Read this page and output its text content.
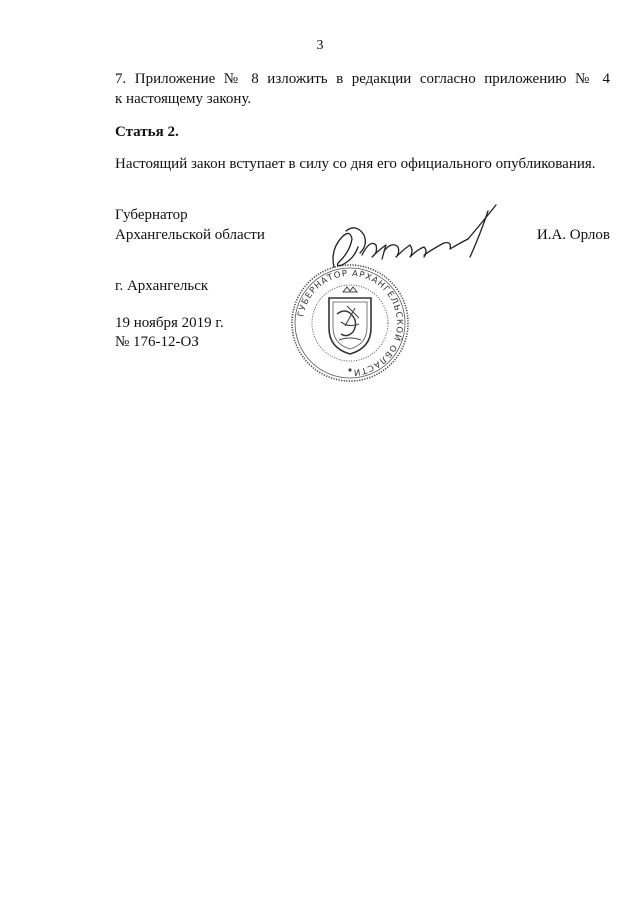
3
7. Приложение № 8 изложить в редакции согласно приложению № 4
к настоящему закону.
Статья 2.
Настоящий закон вступает в силу со дня его официального опубликования.
Губернатор
Архангельской области	И.А. Орлов
г. Архангельск
19 ноября 2019 г.
№ 176-12-ОЗ
ГУБЕРНАТОР АРХАНГЕЛЬСКОЙ ОБЛАСТИ
